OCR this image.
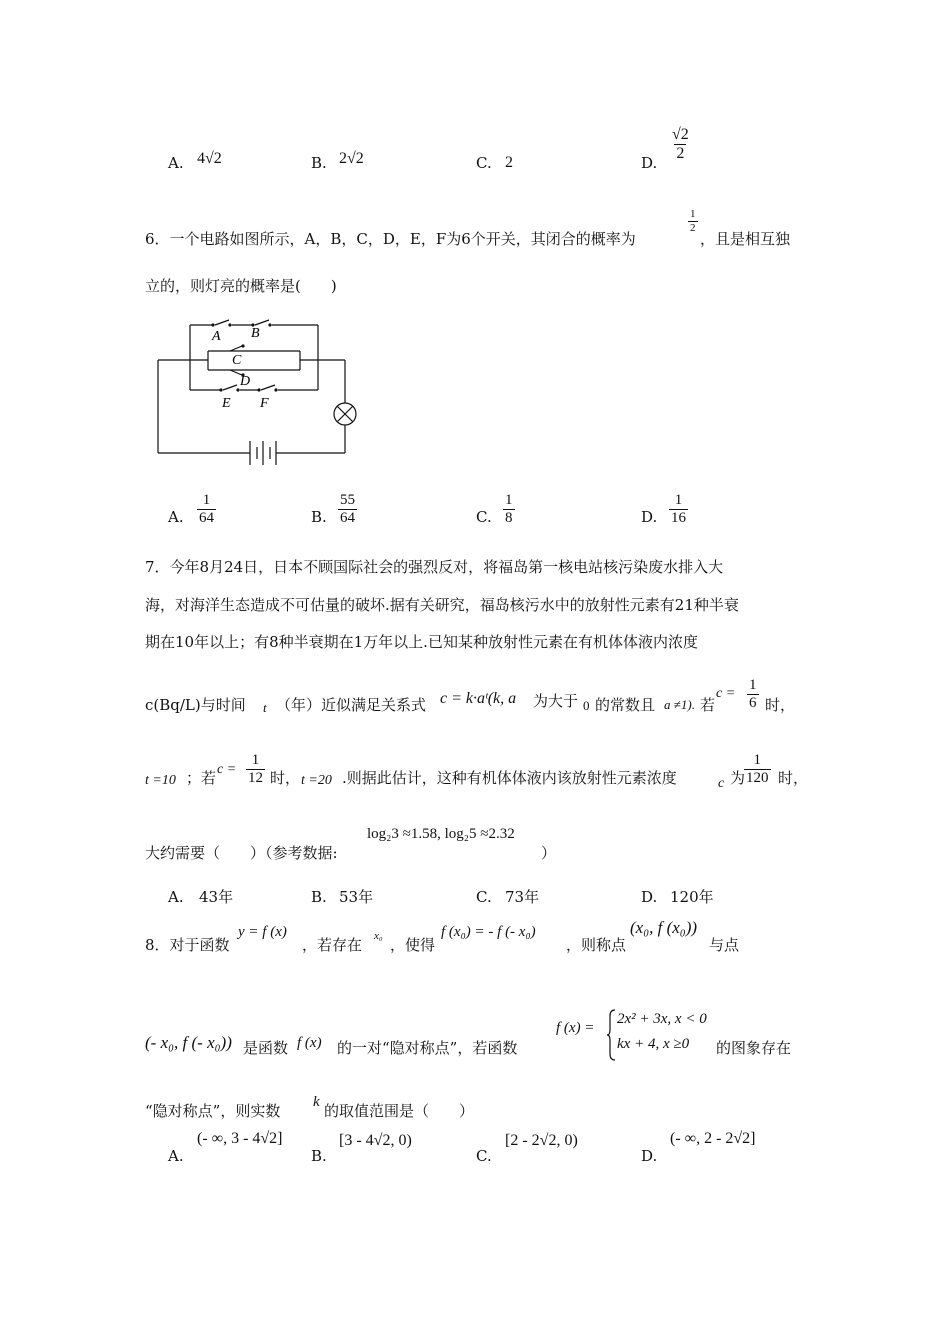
A. 4√2	B. 2√2	C. 2	D. $\frac{√2}{2}$
6．一个电路如图所示，A，B，C，D，E，F为6个开关，其闭合的概率为
$\frac{1}{2}$
，且是相互独
立的，则灯亮的概率是(　　)
A B
C
D
E F
A. $\frac{1}{64}$	B. $\frac{55}{64}$	C. $\frac{1}{8}$	D. $\frac{1}{16}$
7．今年8月24日，日本不顾国际社会的强烈反对，将福岛第一核电站核污染废水排入大
海，对海洋生态造成不可估量的破坏.据有关研究，福岛核污水中的放射性元素有21种半衰
期在10年以上；有8种半衰期在1万年以上.已知某种放射性元素在有机体体液内浓度
c(Bq/L)与时间 t （年）近似满足关系式 c = k·aᵗ(k, a 为大于 0 的常数且 a ≠1). 若
$c = \frac{1}{6}$ 时，
t =10 ；若 $c = \frac{1}{12}$ 时， t =20 .则据此估计，这种有机体体液内该放射性元素浓度	c 为
$\frac{1}{120}$ 时，
大约需要（　　）（参考数据:
log₂3 ≈1.58, log₂5 ≈2.32
）
A. 43年	B. 53年	C. 73年	D. 120年
8．对于函数
y = f (x)
，若存在 x₀ ，使得
f (x₀) = - f (- x₀)
，则称点
(x₀, f (x₀))
与点
(- x₀, f (- x₀)) 是函数 f (x) 的一对“隐对称点”，若函数
f (x) =
2x² + 3x, x < 0
kx + 4, x ≥0 的图象存在
“隐对称点”，则实数 k 的取值范围是（　　）
A.
(- ∞, 3 - 4√2]
B.
[3 - 4√2, 0)
C.
[2 - 2√2, 0)
D.
(- ∞, 2 - 2√2]
